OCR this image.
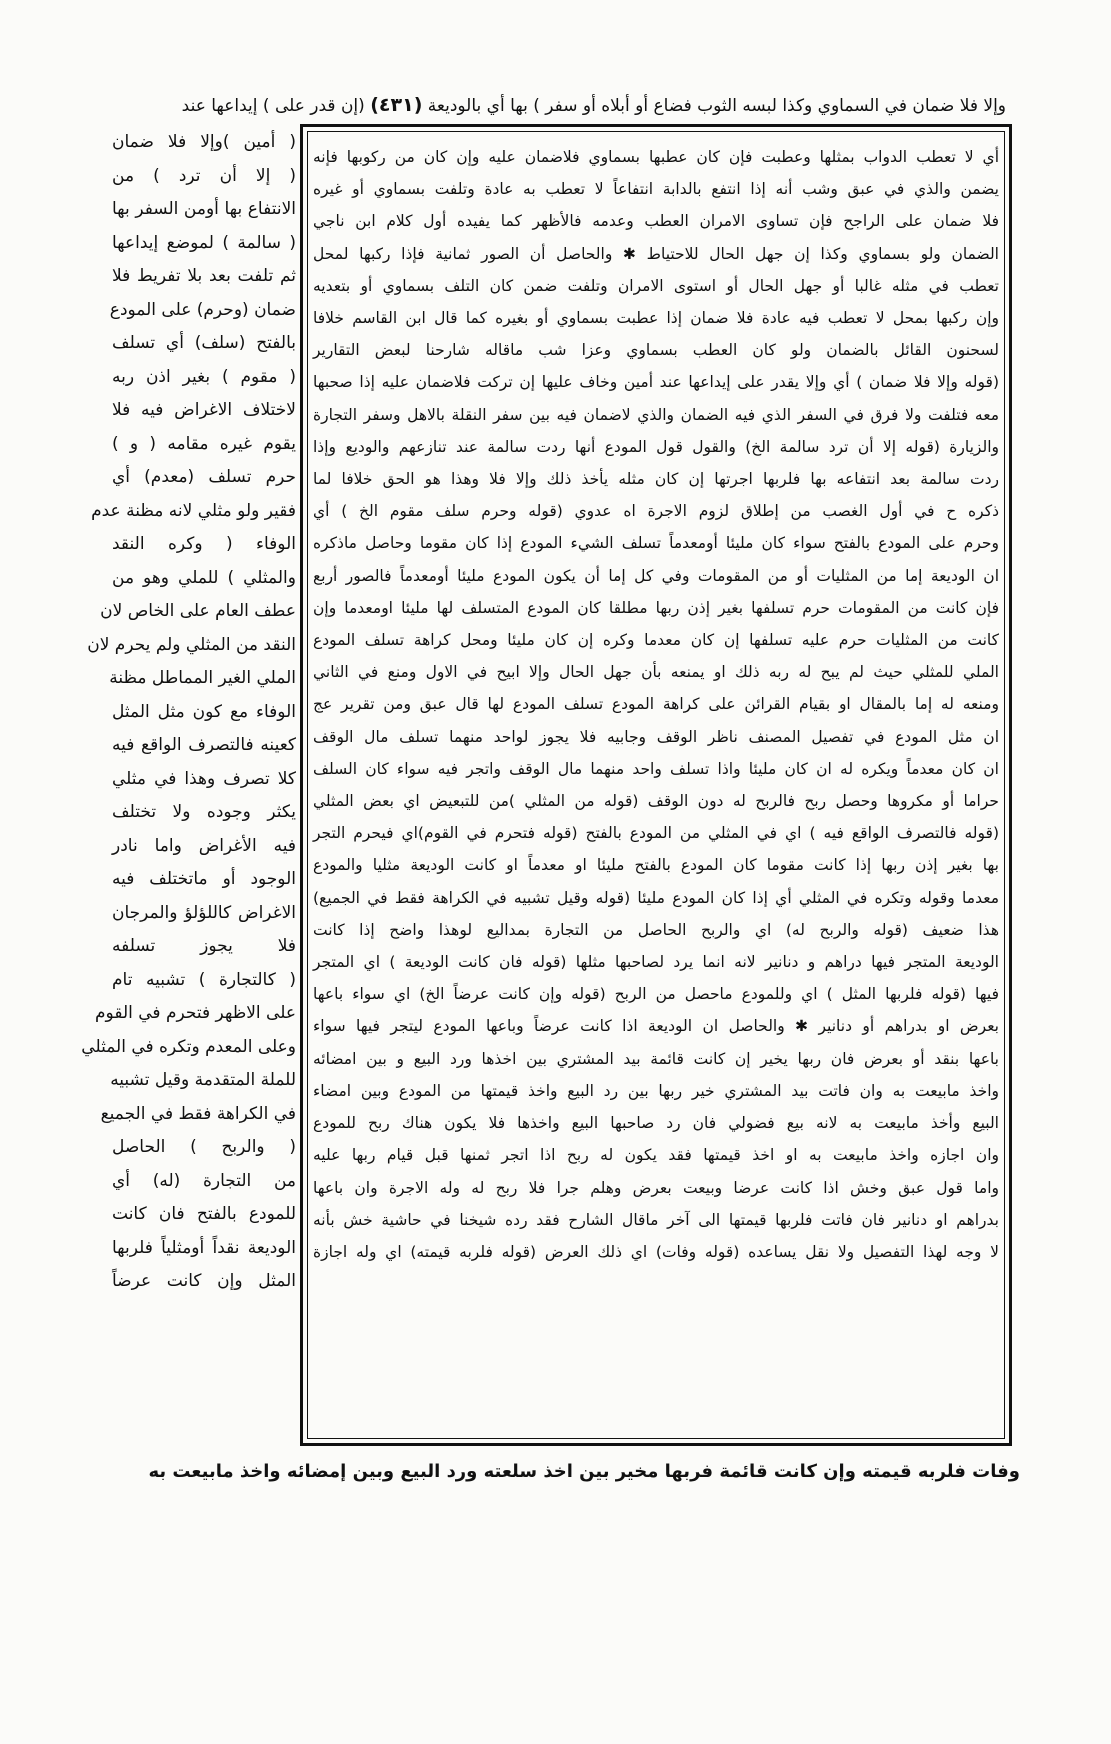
وإلا فلا ضمان في السماوي وكذا لبسه الثوب فضاع أو أبلاه أو سفر ) بها أي بالوديعة (٤٣١) (إن قدر على ) إيداعها عند

( أمين )وإلا فلا ضمان

( إلا أن ترد ) من

الانتفاع بها أومن السفر بها

( سالمة ) لموضع إيداعها

ثم تلفت بعد بلا تفريط فلا

ضمان (وحرم) على المودع

بالفتح (سلف) أي تسلف

( مقوم ) بغير اذن ربه

لاختلاف الاغراض فيه فلا

يقوم غيره مقامه ( و )

حرم تسلف (معدم) أي

فقير ولو مثلي لانه مظنة عدم

الوفاء ( وكره النقد

والمثلي ) للملي وهو من

عطف العام على الخاص لان

النقد من المثلي ولم يحرم لان

الملي الغير المماطل مظنة

الوفاء مع كون مثل المثل

كعينه فالتصرف الواقع فيه

كلا تصرف وهذا في مثلي

يكثر وجوده ولا تختلف

فيه الأغراض واما نادر

الوجود أو ماتختلف فيه

الاغراض كاللؤلؤ والمرجان

فلا يجوز تسلفه

( كالتجارة ) تشبيه تام

على الاظهر فتحرم في القوم

وعلى المعدم وتكره في المثلي

للملة المتقدمة وقيل تشبيه

في الكراهة فقط في الجميع

( والربح ) الحاصل

من التجارة (له) أي

للمودع بالفتح فان كانت

الوديعة نقداً أومثلياً فلربها

المثل وإن كانت عرضاً

أي لا تعطب الدواب بمثلها وعطبت فإن كان عطبها بسماوي فلاضمان عليه وإن كان من ركوبها فإنه

يضمن والذي في عبق وشب أنه إذا انتفع بالدابة انتفاعاً لا تعطب به عادة وتلفت بسماوي أو غيره

فلا ضمان على الراجح فإن تساوى الامران العطب وعدمه فالأظهر كما يفيده أول كلام ابن ناجي

الضمان ولو بسماوي وكذا إن جهل الحال للاحتياط ✱ والحاصل أن الصور ثمانية فإذا ركبها لمحل

تعطب في مثله غالبا أو جهل الحال أو استوى الامران وتلفت ضمن كان التلف بسماوي أو بتعديه

وإن ركبها بمحل لا تعطب فيه عادة فلا ضمان إذا عطبت بسماوي أو بغيره كما قال ابن القاسم خلافا

لسحنون القائل بالضمان ولو كان العطب بسماوي وعزا شب ماقاله شارحنا لبعض التقارير

(قوله وإلا فلا ضمان ) أي وإلا يقدر على إيداعها عند أمين وخاف عليها إن تركت فلاضمان عليه إذا صحبها

معه فتلفت ولا فرق في السفر الذي فيه الضمان والذي لاضمان فيه بين سفر النقلة بالاهل وسفر التجارة

والزيارة (قوله إلا أن ترد سالمة الخ) والقول قول المودع أنها ردت سالمة عند تنازعهم والوديع وإذا

ردت سالمة بعد انتفاعه بها فلربها اجرتها إن كان مثله يأخذ ذلك وإلا فلا وهذا هو الحق خلافا لما

ذكره ح في أول الغصب من إطلاق لزوم الاجرة اه عدوي (قوله وحرم سلف مقوم الخ ) أي

وحرم على المودع بالفتح سواء كان مليئا أومعدماً تسلف الشيء المودع إذا كان مقوما وحاصل ماذكره

ان الوديعة إما من المثليات أو من المقومات وفي كل إما أن يكون المودع مليئا أومعدماً فالصور أربع

فإن كانت من المقومات حرم تسلفها بغير إذن ربها مطلقا كان المودع المتسلف لها مليئا اومعدما وإن

كانت من المثليات حرم عليه تسلفها إن كان معدما وكره إن كان مليئا ومحل كراهة تسلف المودع

الملي للمثلي حيث لم يبح له ربه ذلك او يمنعه بأن جهل الحال وإلا ابيح في الاول ومنع في الثاني

ومنعه له إما بالمقال او بقيام القرائن على كراهة المودع تسلف المودع لها قال عبق ومن تقرير عج

ان مثل المودع في تفصيل المصنف ناظر الوقف وجابيه فلا يجوز لواحد منهما تسلف مال الوقف

ان كان معدماً ويكره له ان كان مليئا واذا تسلف واحد منهما مال الوقف واتجر فيه سواء كان السلف

حراما أو مكروها وحصل ربح فالربح له دون الوقف (قوله من المثلي )من للتبعيض اي بعض المثلي

(قوله فالتصرف الواقع فيه ) اي في المثلي من المودع بالفتح (قوله فتحرم في القوم)اي فيحرم التجر

بها بغير إذن ربها إذا كانت مقوما كان المودع بالفتح مليئا او معدماً او كانت الوديعة مثليا والمودع

معدما وقوله وتكره في المثلي أي إذا كان المودع مليئا (قوله وقيل تشبيه في الكراهة فقط في الجميع)

هذا ضعيف (قوله والربح له) اي والربح الحاصل من التجارة بمداليع لوهذا واضح إذا كانت

الوديعة المتجر فيها دراهم و دنانير لانه انما يرد لصاحبها مثلها (قوله فان كانت الوديعة ) اي المتجر

فيها (قوله فلربها المثل ) اي وللمودع ماحصل من الربح (قوله وإن كانت عرضاً الخ) اي سواء باعها

بعرض او بدراهم أو دنانير ✱ والحاصل ان الوديعة اذا كانت عرضاً وباعها المودع ليتجر فيها سواء

باعها بنقد أو بعرض فان ربها يخير إن كانت قائمة بيد المشتري بين اخذها ورد البيع و بين امضائه

واخذ مابيعت به وان فاتت بيد المشتري خير ربها بين رد البيع واخذ قيمتها من المودع وبين امضاء

البيع وأخذ مابيعت به لانه بيع فضولي فان رد صاحبها البيع واخذها فلا يكون هناك ربح للمودع

وان اجازه واخذ مابيعت به او اخذ قيمتها فقد يكون له ربح اذا اتجر ثمنها قبل قيام ربها عليه

واما قول عبق وخش اذا كانت عرضا وبيعت بعرض وهلم جرا فلا ربح له وله الاجرة وان باعها

بدراهم او دنانير فان فاتت فلربها قيمتها الى آخر ماقال الشارح فقد رده شيخنا في حاشية خش بأنه

لا وجه لهذا التفصيل ولا نقل يساعده (قوله وفات) اي ذلك العرض (قوله فلربه قيمته) اي وله اجازة

وفات فلربه قيمته وإن كانت قائمة فربها مخير بين اخذ سلعته ورد البيع وبين إمضائه واخذ مابيعت به
